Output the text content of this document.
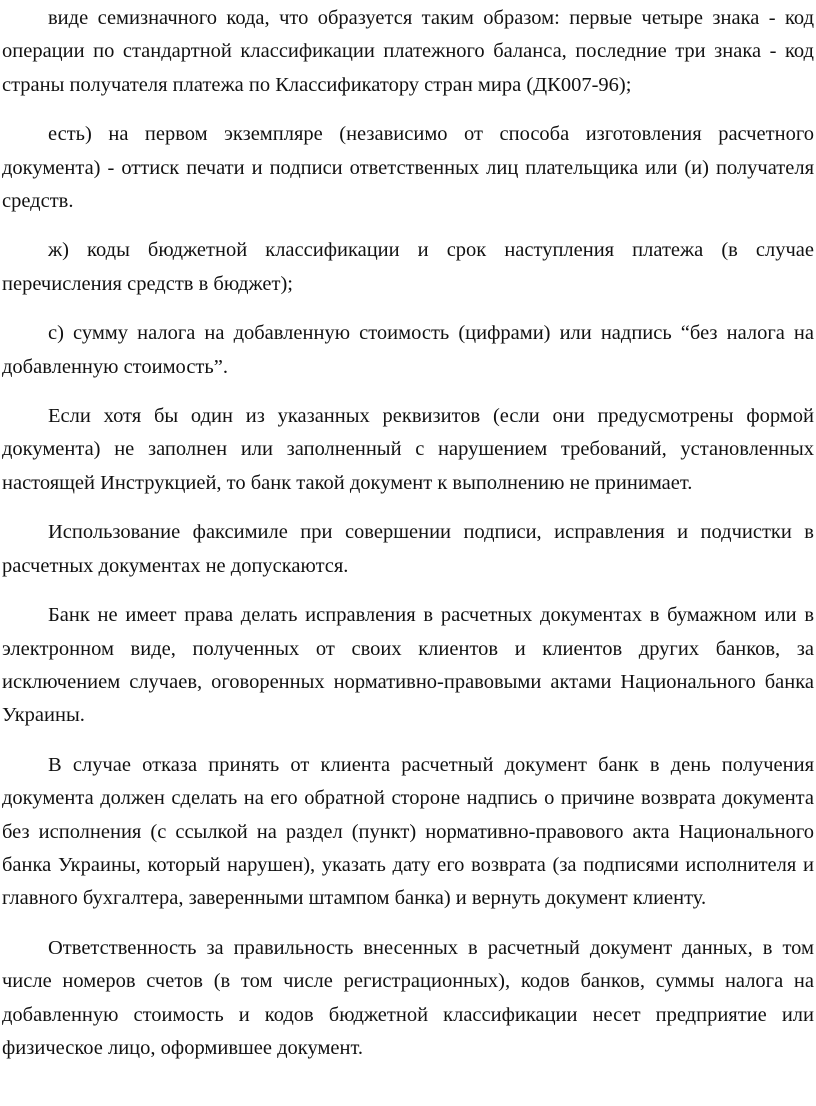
виде семизначного кода, что образуется таким образом: первые четыре знака - код операции по стандартной классификации платежного баланса, последние три знака - код страны получателя платежа по Классификатору стран мира (ДК007-96);

есть) на первом экземпляре (независимо от способа изготовления расчетного документа) - оттиск печати и подписи ответственных лиц плательщика или (и) получателя средств.

ж) коды бюджетной классификации и срок наступления платежа (в случае перечисления средств в бюджет);

с) сумму налога на добавленную стоимость (цифрами) или надпись “без налога на добавленную стоимость”.

Если хотя бы один из указанных реквизитов (если они предусмотрены формой документа) не заполнен или заполненный с нарушением требований, установленных настоящей Инструкцией, то банк такой документ к выполнению не принимает.

Использование факсимиле при совершении подписи, исправления и подчистки в расчетных документах не допускаются.

Банк не имеет права делать исправления в расчетных документах в бумажном или в электронном виде, полученных от своих клиентов и клиентов других банков, за исключением случаев, оговоренных нормативно-правовыми актами Национального банка Украины.

В случае отказа принять от клиента расчетный документ банк в день получения документа должен сделать на его обратной стороне надпись о причине возврата документа без исполнения (с ссылкой на раздел (пункт) нормативно-правового акта Национального банка Украины, который нарушен), указать дату его возврата (за подписями исполнителя и главного бухгалтера, заверенными штампом банка) и вернуть документ клиенту.

Ответственность за правильность внесенных в расчетный документ данных, в том числе номеров счетов (в том числе регистрационных), кодов банков, суммы налога на добавленную стоимость и кодов бюджетной классификации несет предприятие или физическое лицо, оформившее документ.
